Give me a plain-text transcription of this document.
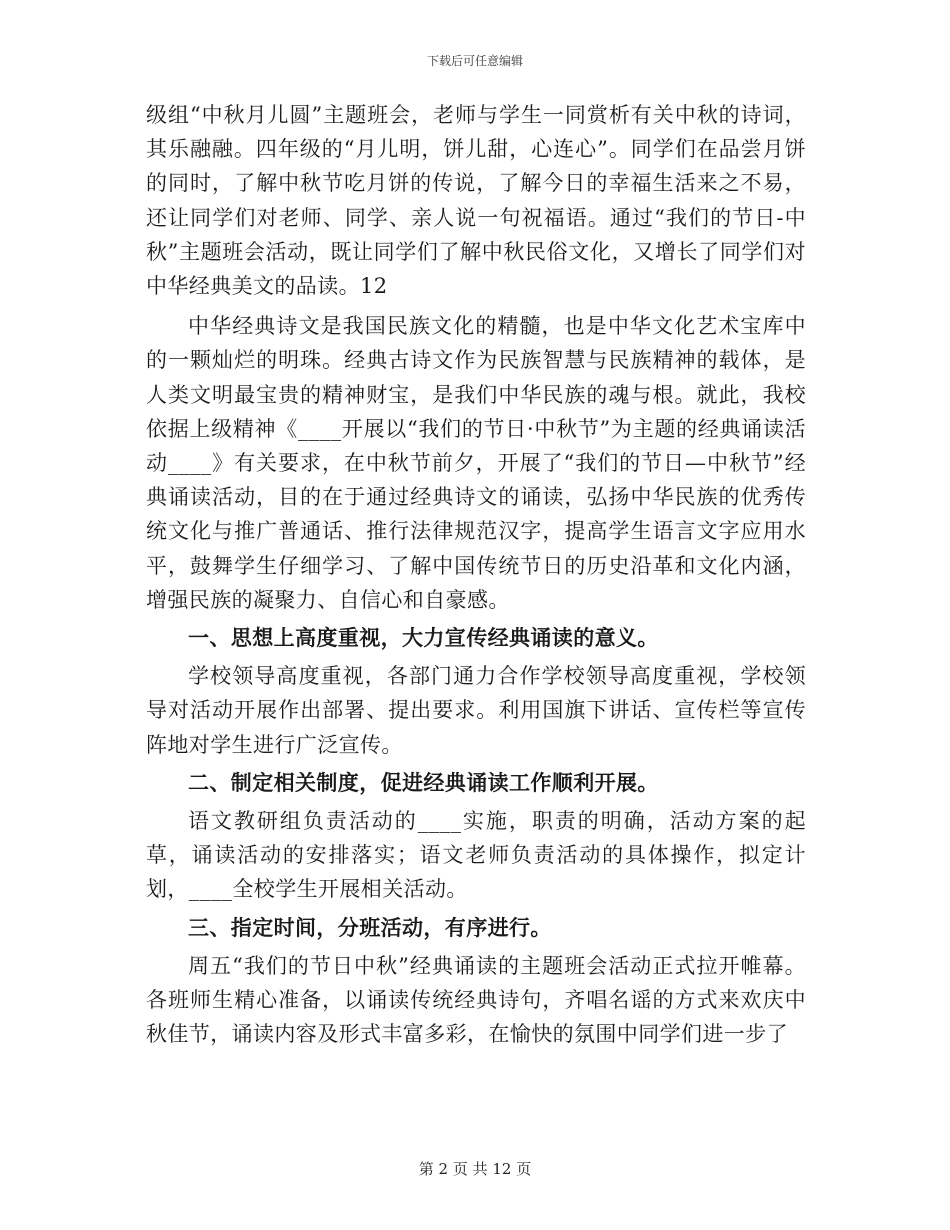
下载后可任意编辑

级组“中秋月儿圆”主题班会，老师与学生一同赏析有关中秋的诗词，其乐融融。四年级的“月儿明，饼儿甜，心连心”。同学们在品尝月饼的同时，了解中秋节吃月饼的传说，了解今日的幸福生活来之不易，还让同学们对老师、同学、亲人说一句祝福语。通过“我们的节日-中秋”主题班会活动，既让同学们了解中秋民俗文化，又增长了同学们对中华经典美文的品读。12

中华经典诗文是我国民族文化的精髓，也是中华文化艺术宝库中的一颗灿烂的明珠。经典古诗文作为民族智慧与民族精神的载体，是人类文明最宝贵的精神财宝，是我们中华民族的魂与根。就此，我校依据上级精神《____开展以“我们的节日·中秋节”为主题的经典诵读活动____》有关要求，在中秋节前夕，开展了“我们的节日—中秋节”经典诵读活动，目的在于通过经典诗文的诵读，弘扬中华民族的优秀传统文化与推广普通话、推行法律规范汉字，提高学生语言文字应用水平，鼓舞学生仔细学习、了解中国传统节日的历史沿革和文化内涵，增强民族的凝聚力、自信心和自豪感。

一、思想上高度重视，大力宣传经典诵读的意义。

学校领导高度重视，各部门通力合作学校领导高度重视，学校领导对活动开展作出部署、提出要求。利用国旗下讲话、宣传栏等宣传阵地对学生进行广泛宣传。

二、制定相关制度，促进经典诵读工作顺利开展。

语文教研组负责活动的____实施，职责的明确，活动方案的起草，诵读活动的安排落实；语文老师负责活动的具体操作，拟定计划，____全校学生开展相关活动。

三、指定时间，分班活动，有序进行。

周五“我们的节日中秋”经典诵读的主题班会活动正式拉开帷幕。各班师生精心准备，以诵读传统经典诗句，齐唱名谣的方式来欢庆中秋佳节，诵读内容及形式丰富多彩，在愉快的氛围中同学们进一步了

第 2 页 共 12 页
